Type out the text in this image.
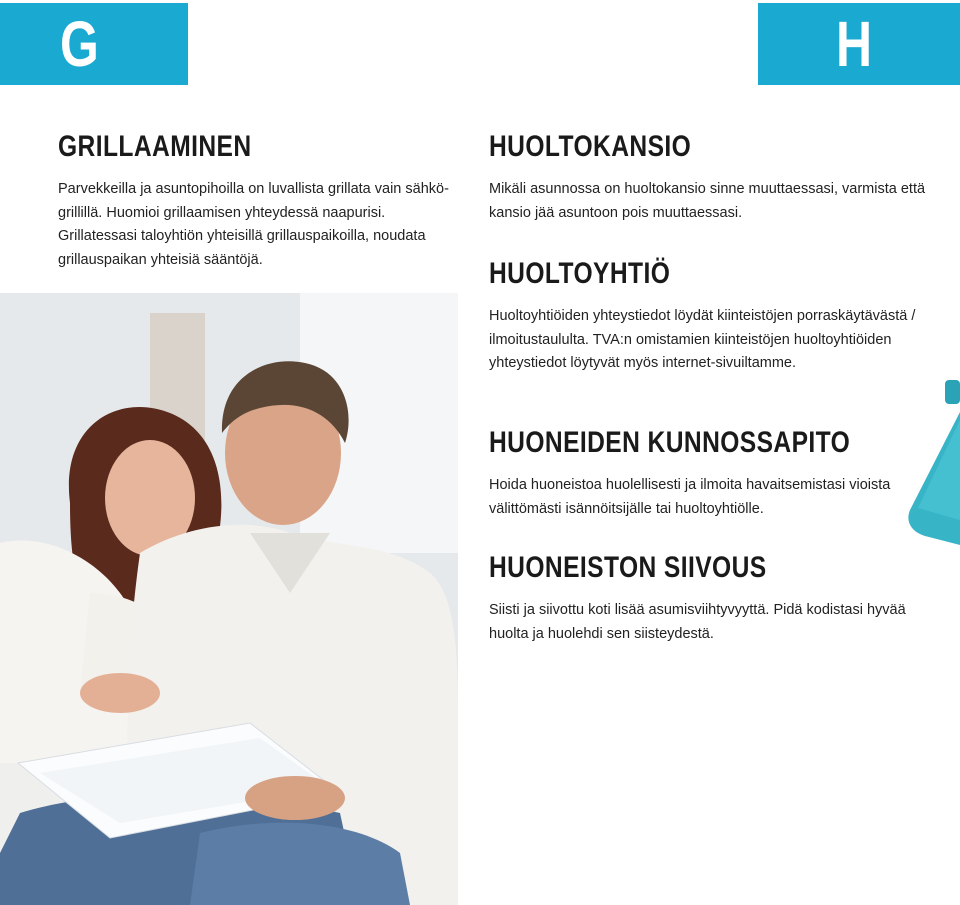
G	H
GRILLAAMINEN

Parvekkeilla ja asuntopihoilla on luvallista grillata vain sähkö-grillillä. Huomioi grillaamisen yhteydessä naapurisi. Grillatessasi taloyhtiön yhteisillä grillauspaikoilla, noudata grillauspaikan yhteisiä sääntöjä.

HUOLTOKANSIO

Mikäli asunnossa on huoltokansio sinne muuttaessasi, varmista että kansio jää asuntoon pois muuttaessasi.

HUOLTOYHTIÖ

Huoltoyhtiöiden yhteystiedot löydät kiinteistöjen porraskäytävästä / ilmoitustaululta. TVA:n omistamien kiinteistöjen huoltoyhtiöiden yhteystiedot löytyvät myös internet-sivuiltamme.

HUONEIDEN KUNNOSSAPITO

Hoida huoneistoa huolellisesti ja ilmoita havaitsemistasi vioista välittömästi isännöitsijälle tai huoltoyhtiölle.

HUONEISTON SIIVOUS

Siisti ja siivottu koti lisää asumisviihtyvyyttä. Pidä kodistasi hyvää huolta ja huolehdi sen siisteydestä.
